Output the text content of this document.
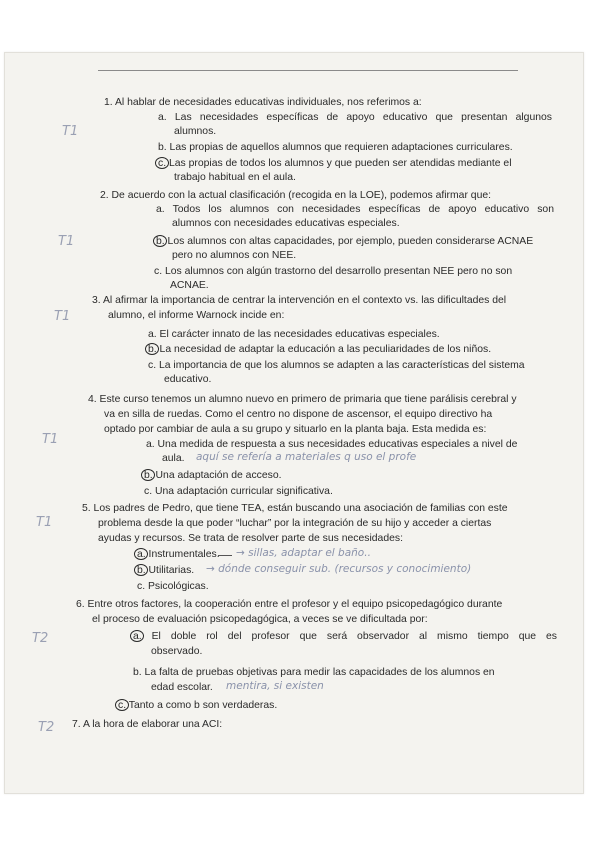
T1
T1
T1
T1
T1
T2
T2
1. Al hablar de necesidades educativas individuales, nos referimos a:
a. Las necesidades específicas de apoyo educativo que presentan algunos
alumnos.
b. Las propias de aquellos alumnos que requieren adaptaciones curriculares.
c. Las propias de todos los alumnos y que pueden ser atendidas mediante el
trabajo habitual en el aula.
2. De acuerdo con la actual clasificación (recogida en la LOE), podemos afirmar que:
a. Todos los alumnos con necesidades específicas de apoyo educativo son
alumnos con necesidades educativas especiales.
b. Los alumnos con altas capacidades, por ejemplo, pueden considerarse ACNAE
pero no alumnos con NEE.
c. Los alumnos con algún trastorno del desarrollo presentan NEE pero no son
ACNAE.
3. Al afirmar la importancia de centrar la intervención en el contexto vs. las dificultades del
alumno, el informe Warnock incide en:
a. El carácter innato de las necesidades educativas especiales.
b. La necesidad de adaptar la educación a las peculiaridades de los niños.
c. La importancia de que los alumnos se adapten a las características del sistema
educativo.
4. Este curso tenemos un alumno nuevo en primero de primaria que tiene parálisis cerebral y
va en silla de ruedas. Como el centro no dispone de ascensor, el equipo directivo ha
optado por cambiar de aula a su grupo y situarlo en la planta baja. Esta medida es:
a. Una medida de respuesta a sus necesidades educativas especiales a nivel de
aula. aquí se refería a materiales q uso el profe
b. Una adaptación de acceso.
c. Una adaptación curricular significativa.
5. Los padres de Pedro, que tiene TEA, están buscando una asociación de familias con este
problema desde la que poder “luchar” por la integración de su hijo y acceder a ciertas
ayudas y recursos. Se trata de resolver parte de sus necesidades:
a. Instrumentales. → sillas, adaptar el baño..
b. Utilitarias. → dónde conseguir sub. (recursos y conocimiento)
c. Psicológicas.
6. Entre otros factores, la cooperación entre el profesor y el equipo psicopedagógico durante
el proceso de evaluación psicopedagógica, a veces se ve dificultada por:
a. El doble rol del profesor que será observador al mismo tiempo que es
observado.
b. La falta de pruebas objetivas para medir las capacidades de los alumnos en
edad escolar. mentira, si existen
c. Tanto a como b son verdaderas.
7. A la hora de elaborar una ACI:
